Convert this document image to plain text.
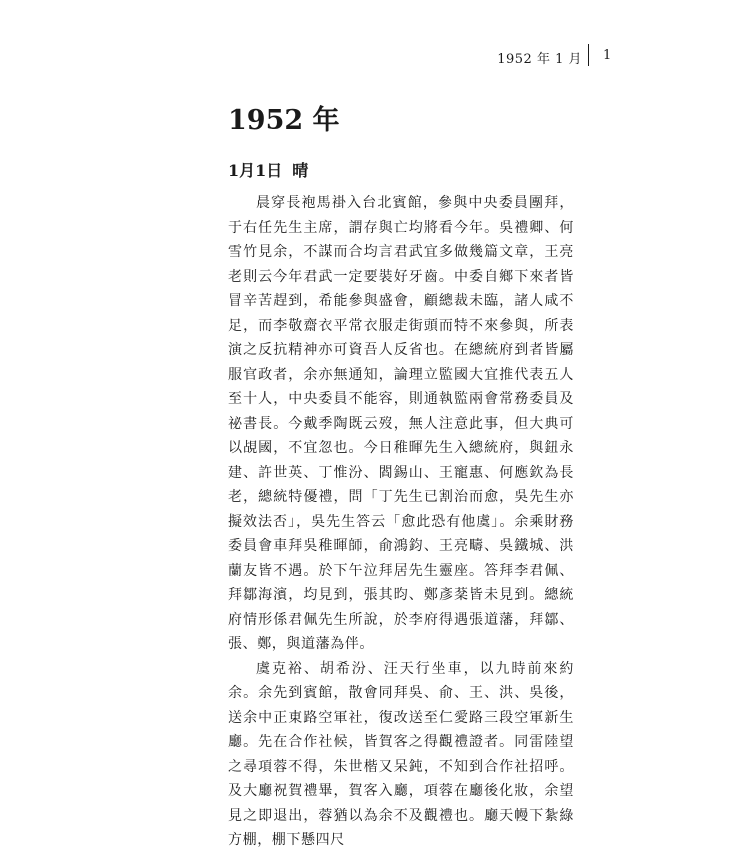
1952 年 1 月 1
1952 年
1月1日 晴

晨穿長袍馬褂入台北賓館，參與中央委員團拜，于右任先生主席，謂存與亡均將看今年。吳禮卿、何雪竹見余，不謀而合均言君武宜多做幾篇文章，王亮老則云今年君武一定要裝好牙齒。中委自鄉下來者皆冒辛苦趕到，希能參與盛會，顧總裁未臨，諸人咸不足，而李敬齋衣平常衣服走街頭而特不來參與，所表演之反抗精神亦可資吾人反省也。在總統府到者皆屬服官政者，余亦無通知，論理立監國大宜推代表五人至十人，中央委員不能容，則通執監兩會常務委員及祕書長。今戴季陶既云歿，無人注意此事，但大典可以覘國，不宜忽也。今日稚暉先生入總統府，與鈕永建、許世英、丁惟汾、閻錫山、王寵惠、何應欽為長老，總統特優禮，問「丁先生已割治而愈，吳先生亦擬效法否」，吳先生答云「愈此恐有他虞」。余乘財務委員會車拜吳稚暉師，俞鴻鈞、王亮疇、吳鐵城、洪蘭友皆不遇。於下午泣拜居先生靈座。答拜李君佩、拜鄒海濱，均見到，張其昀、鄭彥棻皆未見到。總統府情形係君佩先生所說，於李府得遇張道藩，拜鄒、張、鄭，與道藩為伴。

虞克裕、胡希汾、汪天行坐車，以九時前來約余。余先到賓館，散會同拜吳、俞、王、洪、吳後，送余中正東路空軍社，復改送至仁愛路三段空軍新生廳。先在合作社候，皆賀客之得觀禮證者。同雷陸望之尋項蓉不得，朱世楷又呆鈍，不知到合作社招呼。及大廳祝賀禮畢，賀客入廳，項蓉在廳後化妝，余望見之即退出，蓉猶以為余不及觀禮也。廳天幔下紮綠方棚，棚下懸四尺
